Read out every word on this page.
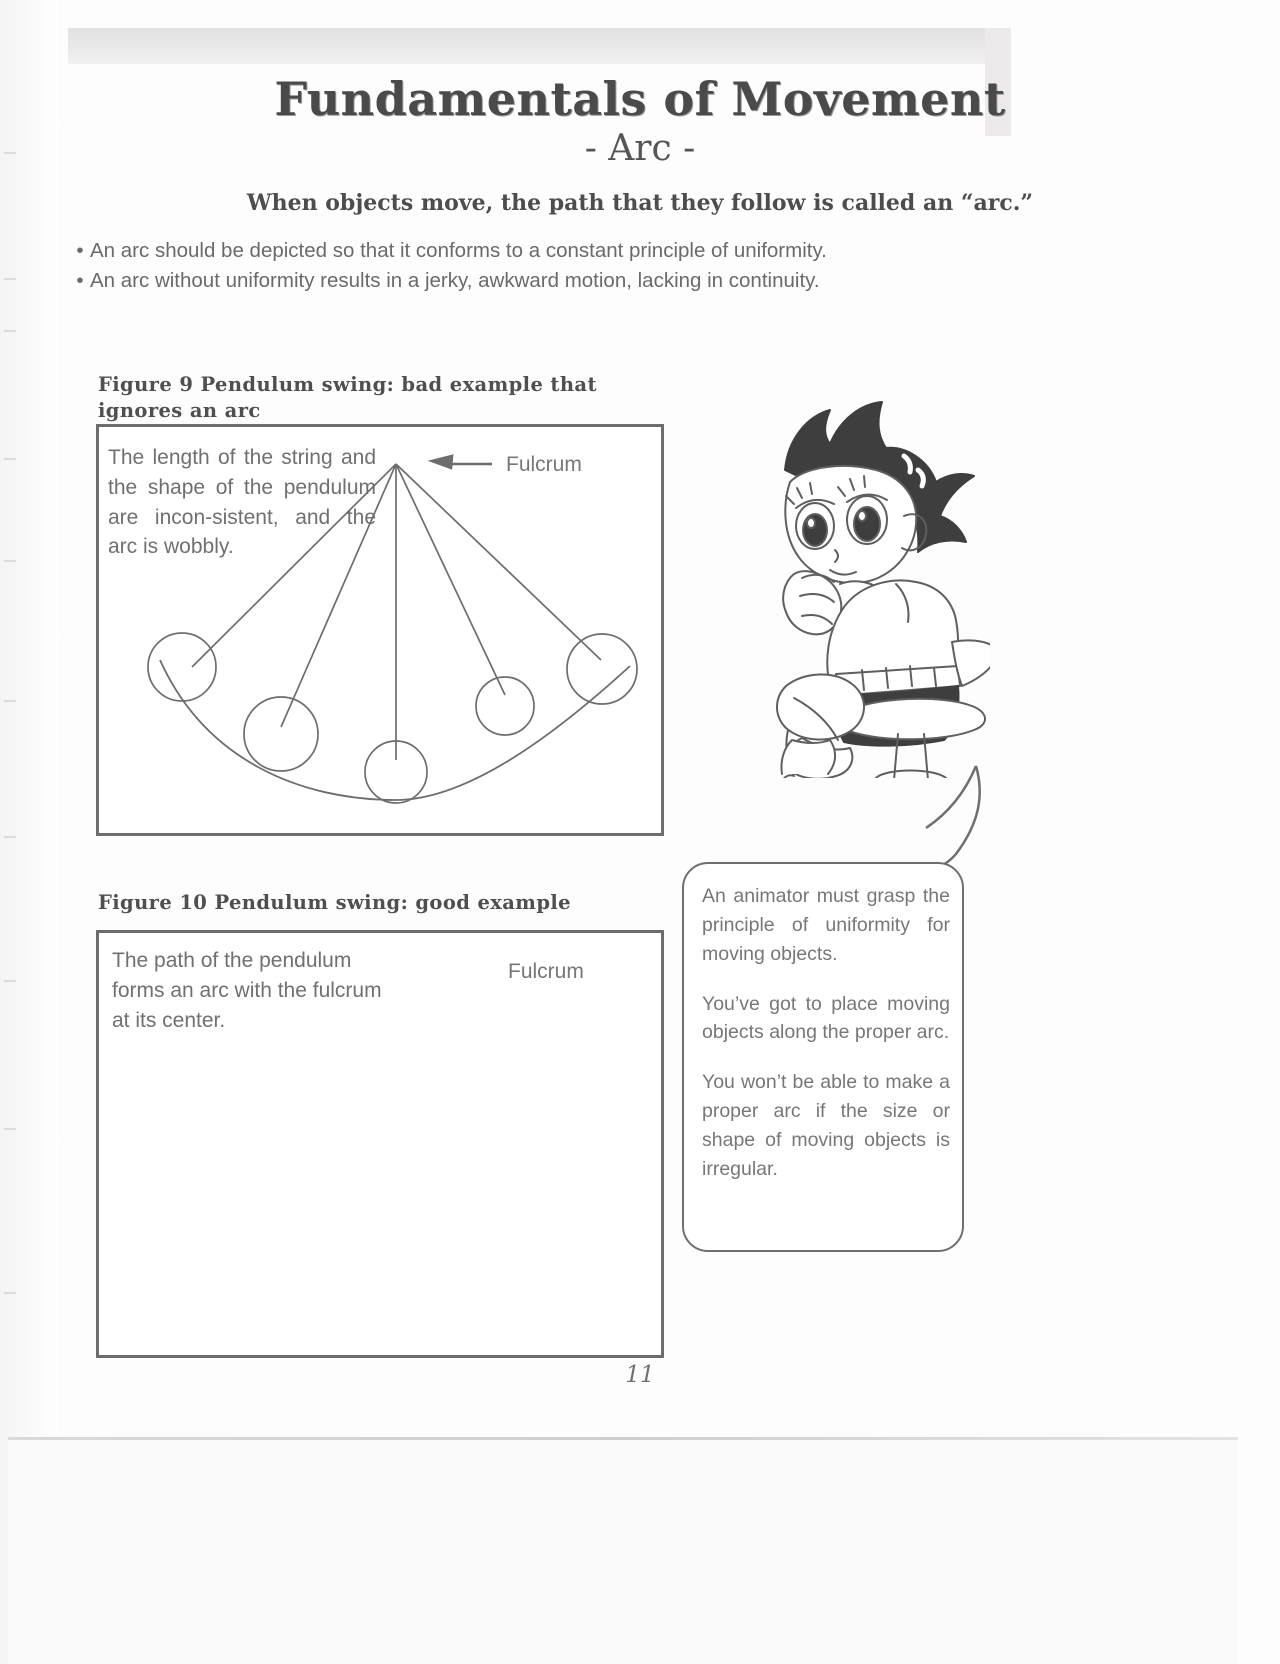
Fundamentals of Movement
- Arc -
When objects move, the path that they follow is called an “arc.”
• An arc should be depicted so that it conforms to a constant principle of uniformity.
• An arc without uniformity results in a jerky, awkward motion, lacking in continuity.
Figure 9 Pendulum swing: bad example that ignores an arc
The length of the string and the shape of the pendulum are incon-sistent, and the arc is wobbly.
Fulcrum
Figure 10 Pendulum swing: good example
The path of the pendulum forms an arc with the fulcrum at its center.
Fulcrum

An animator must grasp the principle of uniformity for moving objects.

You’ve got to place moving objects along the proper arc.

You won’t be able to make a proper arc if the size or shape of moving objects is irregular.

11
